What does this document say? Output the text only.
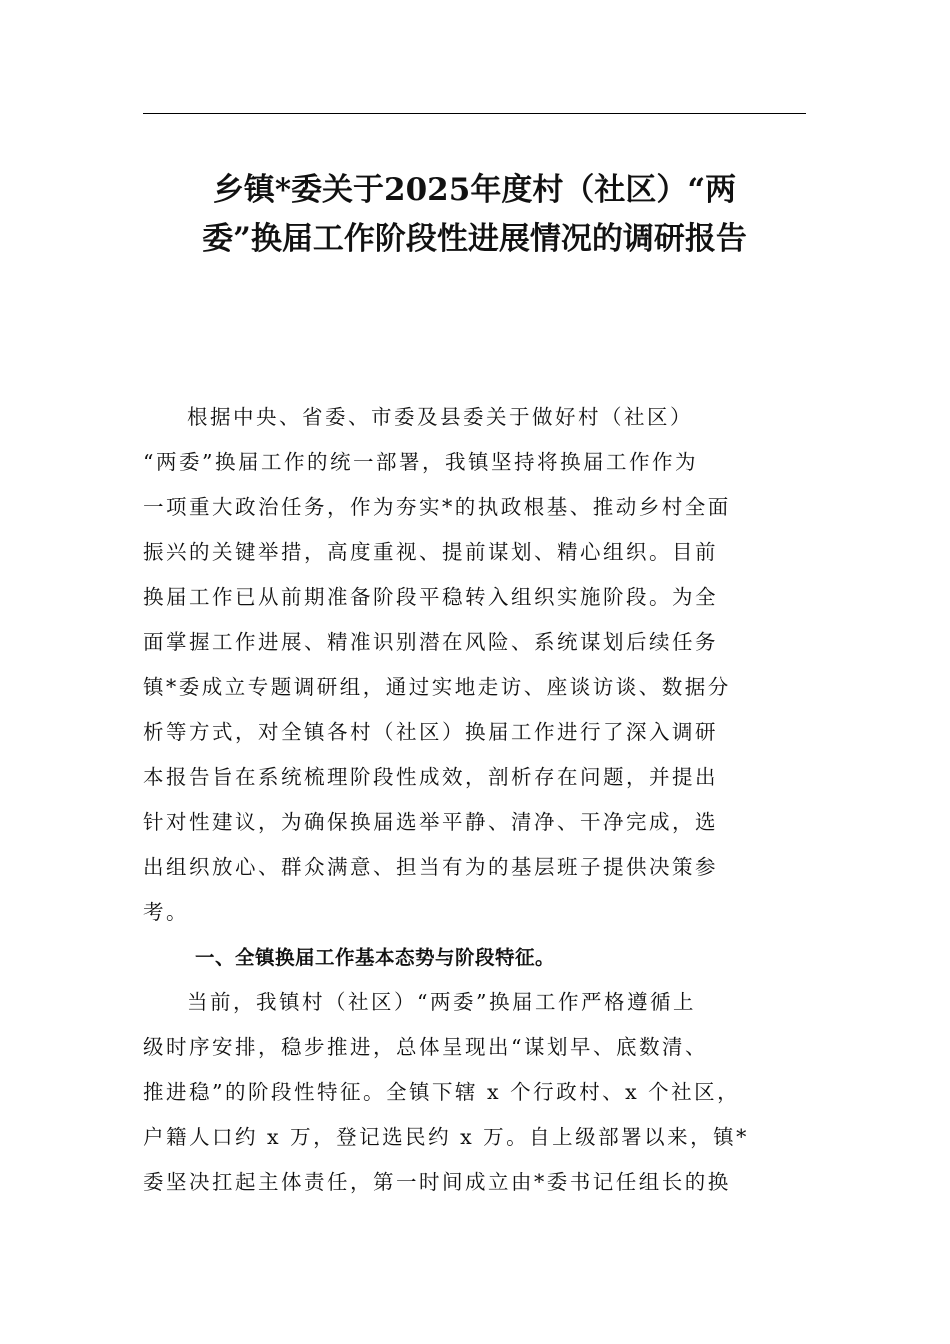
乡镇*委关于2025年度村（社区）“两
委”换届工作阶段性进展情况的调研报告

根据中央、省委、市委及县委关于做好村（社区）
“两委”换届工作的统一部署，我镇坚持将换届工作作为
一项重大政治任务，作为夯实*的执政根基、推动乡村全面
振兴的关键举措，高度重视、提前谋划、精心组织。目前
换届工作已从前期准备阶段平稳转入组织实施阶段。为全
面掌握工作进展、精准识别潜在风险、系统谋划后续任务
镇*委成立专题调研组，通过实地走访、座谈访谈、数据分
析等方式，对全镇各村（社区）换届工作进行了深入调研
本报告旨在系统梳理阶段性成效，剖析存在问题，并提出
针对性建议，为确保换届选举平静、清净、干净完成，选
出组织放心、群众满意、担当有为的基层班子提供决策参
考。

一、全镇换届工作基本态势与阶段特征。

当前，我镇村（社区）“两委”换届工作严格遵循上
级时序安排，稳步推进，总体呈现出“谋划早、底数清、
推进稳”的阶段性特征。全镇下辖 x 个行政村、x 个社区，
户籍人口约 x 万，登记选民约 x 万。自上级部署以来，镇*
委坚决扛起主体责任，第一时间成立由*委书记任组长的换
